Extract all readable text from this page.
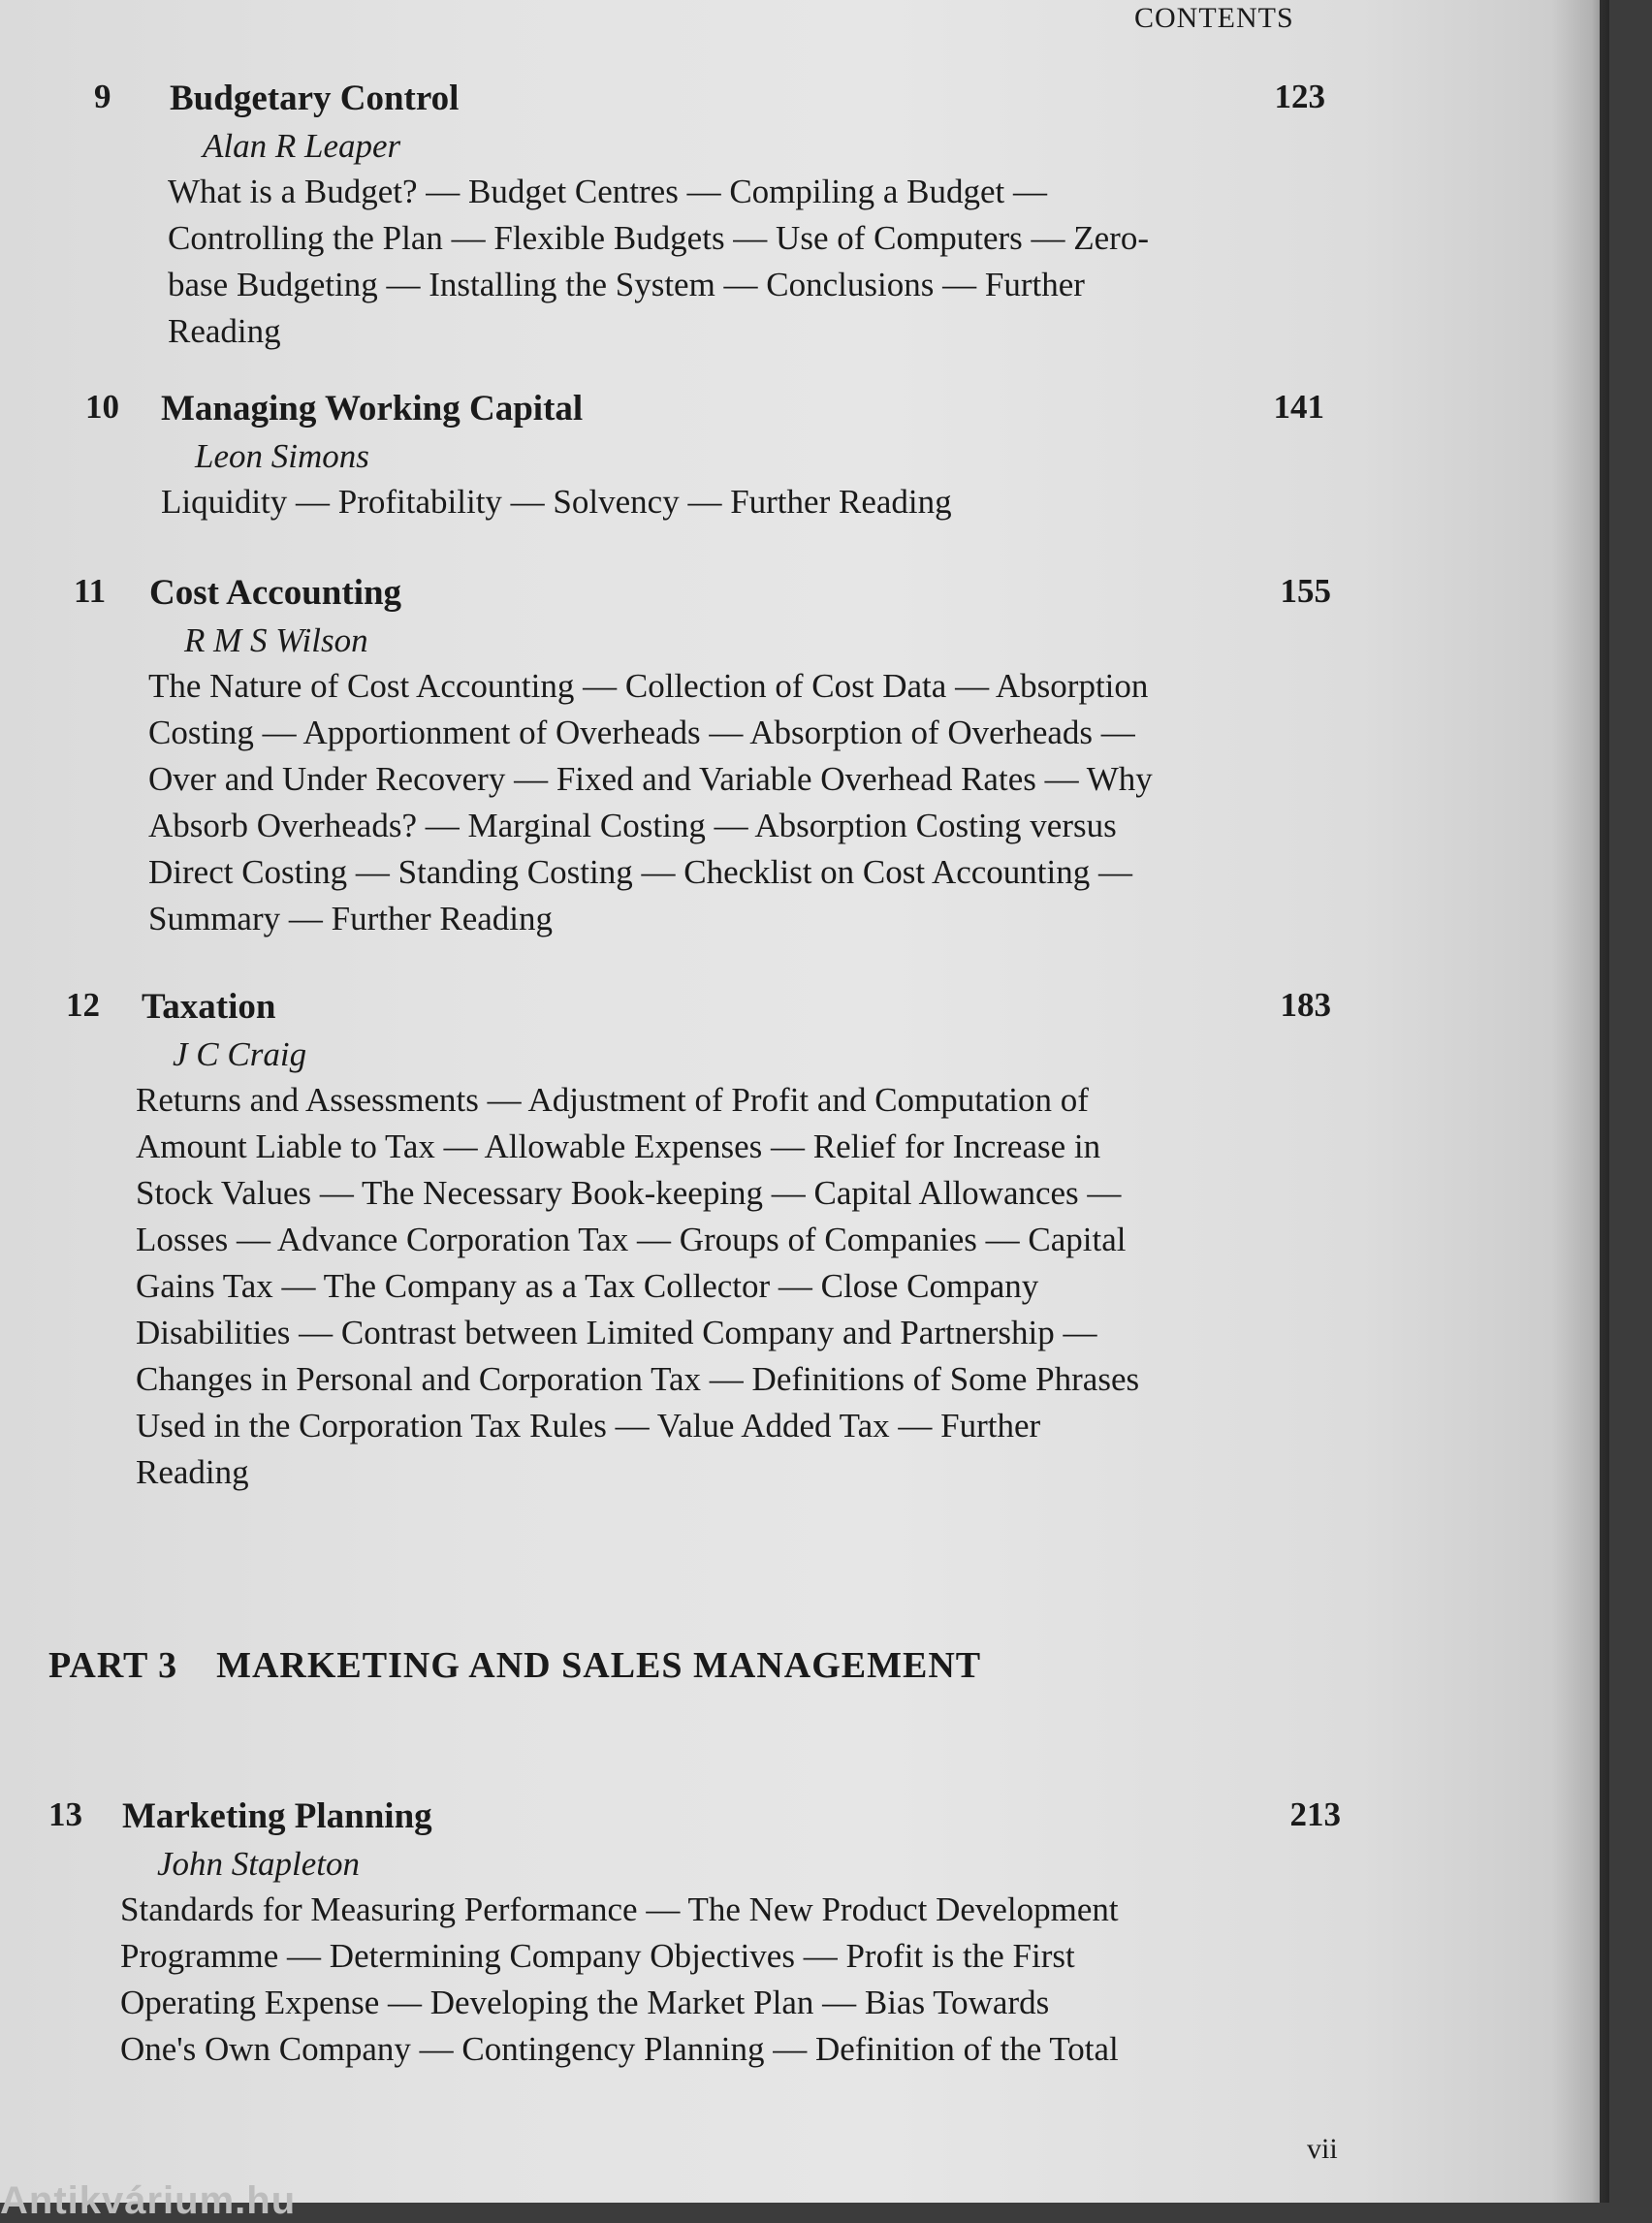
CONTENTS
9 Budgetary Control	123
Alan R Leaper
What is a Budget? — Budget Centres — Compiling a Budget —
Controlling the Plan — Flexible Budgets — Use of Computers — Zero-
base Budgeting — Installing the System — Conclusions — Further
Reading
10 Managing Working Capital	141
Leon Simons
Liquidity — Profitability — Solvency — Further Reading
11 Cost Accounting	155
R M S Wilson
The Nature of Cost Accounting — Collection of Cost Data — Absorption
Costing — Apportionment of Overheads — Absorption of Overheads —
Over and Under Recovery — Fixed and Variable Overhead Rates — Why
Absorb Overheads? — Marginal Costing — Absorption Costing versus
Direct Costing — Standing Costing — Checklist on Cost Accounting —
Summary — Further Reading
12 Taxation	183
J C Craig
Returns and Assessments — Adjustment of Profit and Computation of
Amount Liable to Tax — Allowable Expenses — Relief for Increase in
Stock Values — The Necessary Book-keeping — Capital Allowances —
Losses — Advance Corporation Tax — Groups of Companies — Capital
Gains Tax — The Company as a Tax Collector — Close Company
Disabilities — Contrast between Limited Company and Partnership —
Changes in Personal and Corporation Tax — Definitions of Some Phrases
Used in the Corporation Tax Rules — Value Added Tax — Further
Reading
PART 3 MARKETING AND SALES MANAGEMENT
13 Marketing Planning	213
John Stapleton
Standards for Measuring Performance — The New Product Development
Programme — Determining Company Objectives — Profit is the First
Operating Expense — Developing the Market Plan — Bias Towards
One's Own Company — Contingency Planning — Definition of the Total
vii
Antikvárium.hu
